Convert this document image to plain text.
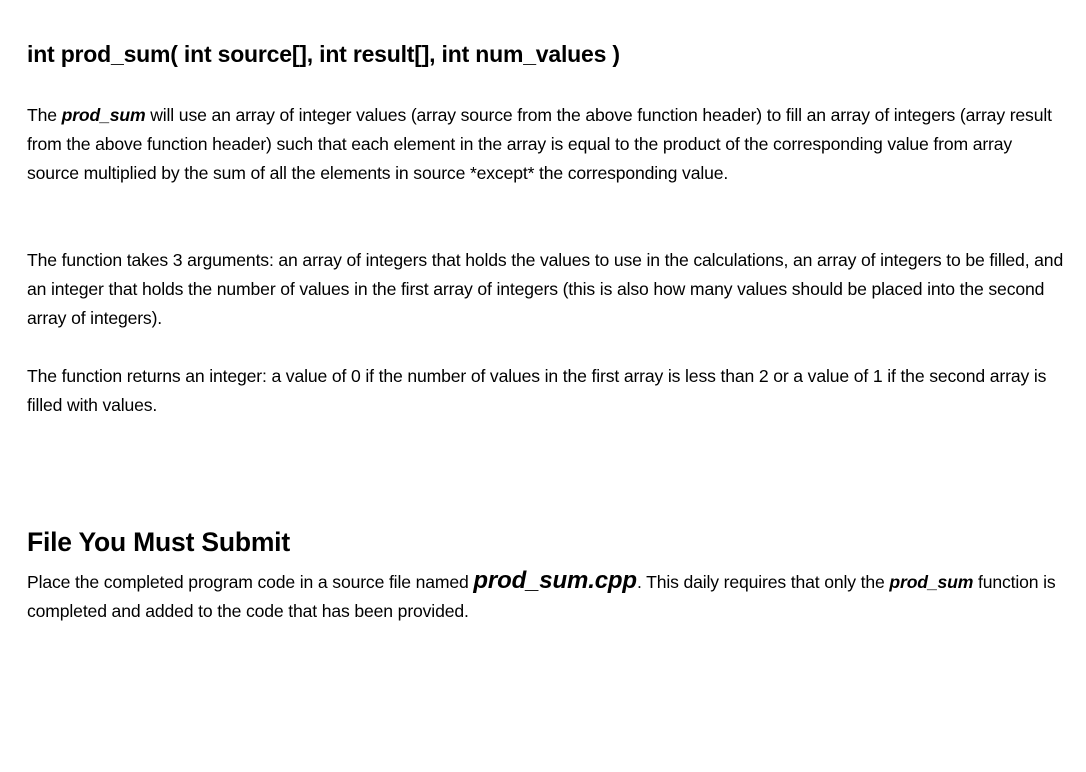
int prod_sum( int source[], int result[], int num_values )

The prod_sum will use an array of integer values (array source from the above function header) to fill an array of integers (array result from the above function header) such that each element in the array is equal to the product of the corresponding value from array source multiplied by the sum of all the elements in source *except* the corresponding value.

The function takes 3 arguments: an array of integers that holds the values to use in the calculations, an array of integers to be filled, and an integer that holds the number of values in the first array of integers (this is also how many values should be placed into the second array of integers).

The function returns an integer: a value of 0 if the number of values in the first array is less than 2 or a value of 1 if the second array is filled with values.

File You Must Submit

Place the completed program code in a source file named prod_sum.cpp. This daily requires that only the prod_sum function is completed and added to the code that has been provided.
